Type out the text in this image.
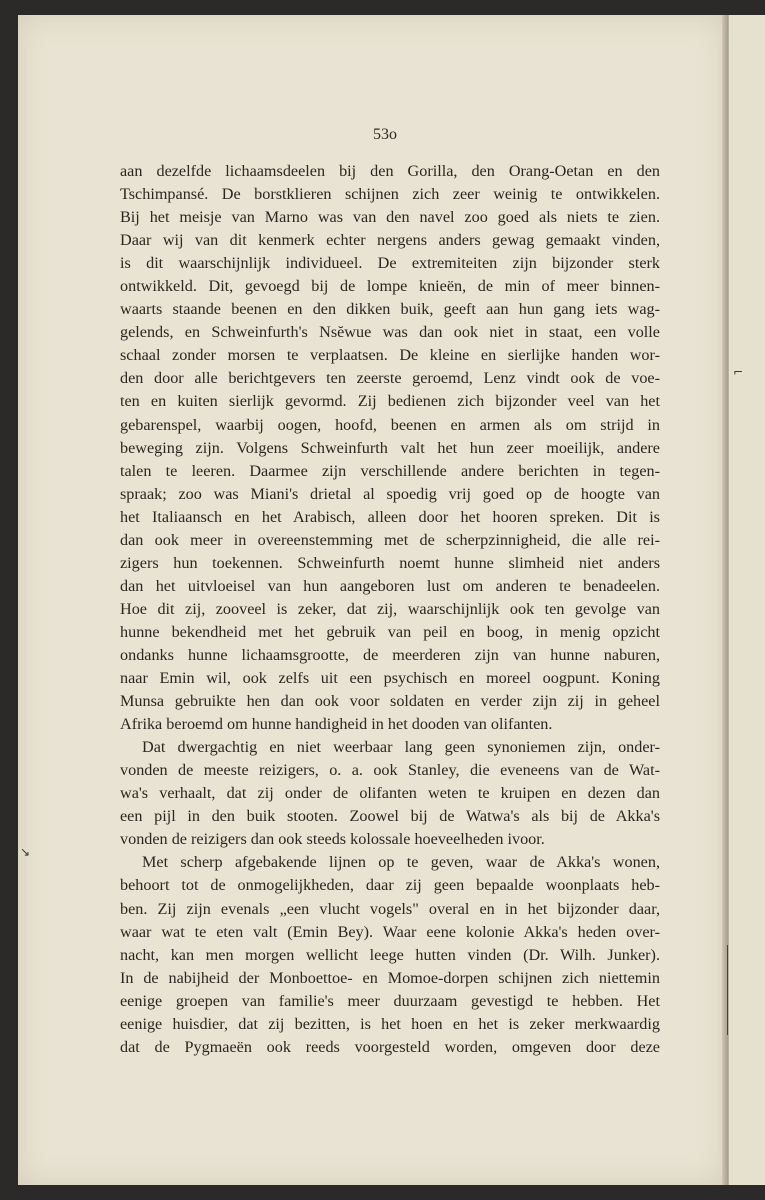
⌐
↘
53o
aan dezelfde lichaamsdeelen bij den Gorilla, den Orang-Oetan en den
Tschimpansé. De borstklieren schijnen zich zeer weinig te ontwikkelen.
Bij het meisje van Marno was van den navel zoo goed als niets te zien.
Daar wij van dit kenmerk echter nergens anders gewag gemaakt vinden,
is dit waarschijnlijk individueel. De extremiteiten zijn bijzonder sterk
ontwikkeld. Dit, gevoegd bij de lompe knieën, de min of meer binnen-
waarts staande beenen en den dikken buik, geeft aan hun gang iets wag-
gelends, en Schweinfurth's Nsĕwue was dan ook niet in staat, een volle
schaal zonder morsen te verplaatsen. De kleine en sierlijke handen wor-
den door alle berichtgevers ten zeerste geroemd, Lenz vindt ook de voe-
ten en kuiten sierlijk gevormd. Zij bedienen zich bijzonder veel van het
gebarenspel, waarbij oogen, hoofd, beenen en armen als om strijd in
beweging zijn. Volgens Schweinfurth valt het hun zeer moeilijk, andere
talen te leeren. Daarmee zijn verschillende andere berichten in tegen-
spraak; zoo was Miani's drietal al spoedig vrij goed op de hoogte van
het Italiaansch en het Arabisch, alleen door het hooren spreken. Dit is
dan ook meer in overeenstemming met de scherpzinnigheid, die alle rei-
zigers hun toekennen. Schweinfurth noemt hunne slimheid niet anders
dan het uitvloeisel van hun aangeboren lust om anderen te benadeelen.
Hoe dit zij, zooveel is zeker, dat zij, waarschijnlijk ook ten gevolge van
hunne bekendheid met het gebruik van peil en boog, in menig opzicht
ondanks hunne lichaamsgrootte, de meerderen zijn van hunne naburen,
naar Emin wil, ook zelfs uit een psychisch en moreel oogpunt. Koning
Munsa gebruikte hen dan ook voor soldaten en verder zijn zij in geheel
Afrika beroemd om hunne handigheid in het dooden van olifanten.
Dat dwergachtig en niet weerbaar lang geen synoniemen zijn, onder-
vonden de meeste reizigers, o. a. ook Stanley, die eveneens van de Wat-
wa's verhaalt, dat zij onder de olifanten weten te kruipen en dezen dan
een pijl in den buik stooten. Zoowel bij de Watwa's als bij de Akka's
vonden de reizigers dan ook steeds kolossale hoeveelheden ivoor.
Met scherp afgebakende lijnen op te geven, waar de Akka's wonen,
behoort tot de onmogelijkheden, daar zij geen bepaalde woonplaats heb-
ben. Zij zijn evenals „een vlucht vogels" overal en in het bijzonder daar,
waar wat te eten valt (Emin Bey). Waar eene kolonie Akka's heden over-
nacht, kan men morgen wellicht leege hutten vinden (Dr. Wilh. Junker).
In de nabijheid der Monboettoe- en Momoe-dorpen schijnen zich niettemin
eenige groepen van familie's meer duurzaam gevestigd te hebben. Het
eenige huisdier, dat zij bezitten, is het hoen en het is zeker merkwaardig
dat de Pygmaeën ook reeds voorgesteld worden, omgeven door deze
